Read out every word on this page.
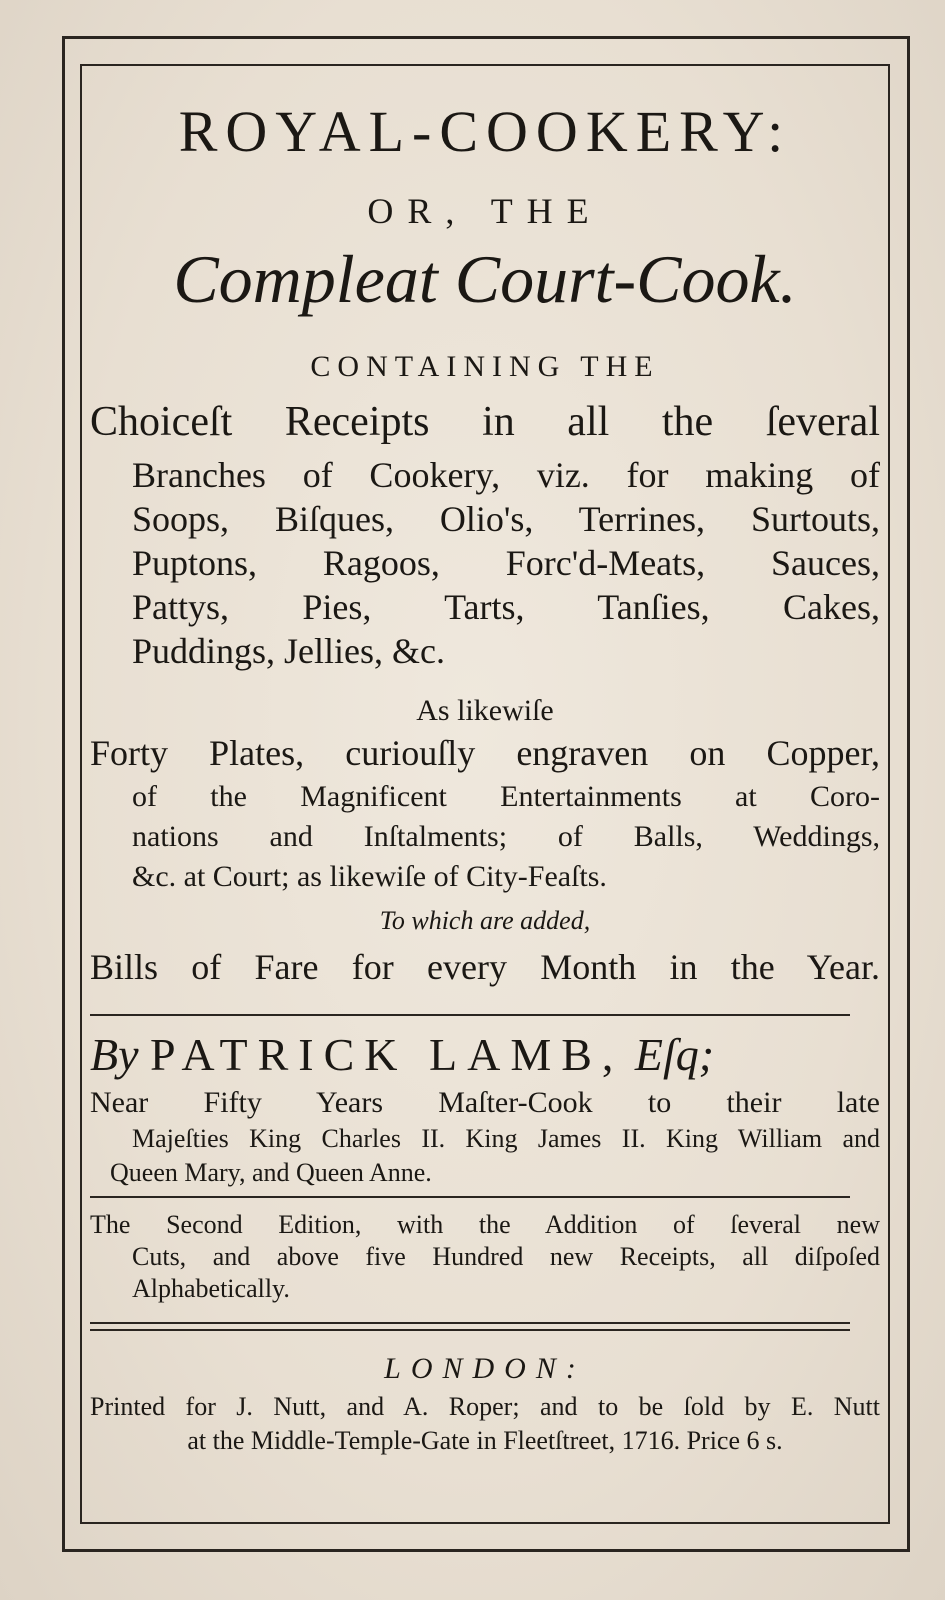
ROYAL-COOKERY:
OR, THE
Compleat Court-Cook.
CONTAINING THE
Choiceſt Receipts in all the ſeveral
Branches of Cookery, viz. for making of
Soops, Biſques, Olio's, Terrines, Surtouts,
Puptons, Ragoos, Forc'd-Meats, Sauces,
Pattys, Pies, Tarts, Tanſies, Cakes,
Puddings, Jellies, &c.
As likewiſe
Forty Plates, curiouſly engraven on Copper,
of the Magnificent Entertainments at Coro-
nations and Inſtalments; of Balls, Weddings,
&c. at Court; as likewiſe of City-Feaſts.
To which are added,
Bills of Fare for every Month in the Year.
By PATRICK LAMB, Eſq;
Near Fifty Years Maſter-Cook to their late
Majeſties King Charles II. King James II. King William and
Queen Mary, and Queen Anne.
The Second Edition, with the Addition of ſeveral new
Cuts, and above five Hundred new Receipts, all diſpoſed
Alphabetically.
LONDON:
Printed for J. Nutt, and A. Roper; and to be ſold by E. Nutt
at the Middle-Temple-Gate in Fleetſtreet, 1716. Price 6 s.
